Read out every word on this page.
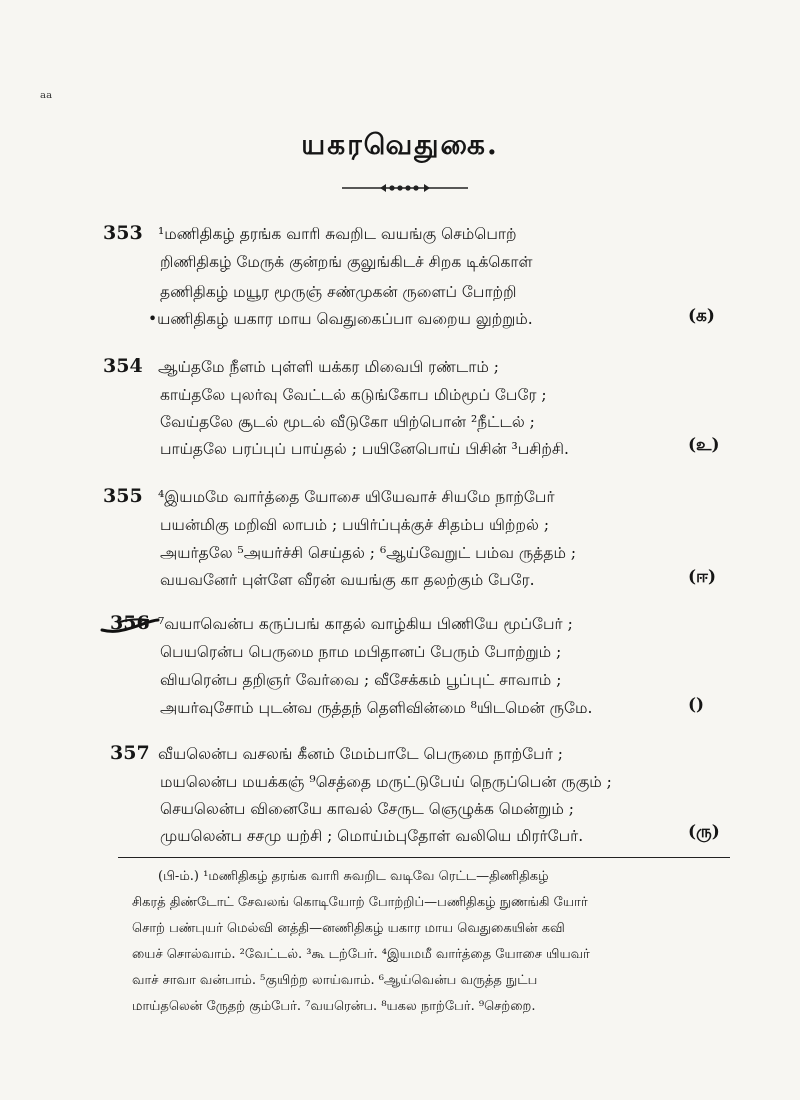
ᵃᵃ
யகரவெதுகை.
353 ¹மணிதிகழ் தரங்க வாரி சுவறிட வயங்கு செம்பொற்
றிணிதிகழ் மேருக் குன்றங் குலுங்கிடச் சிறக டிக்கொள்
தணிதிகழ் மயூர மூருஞ் சண்முகன் ருளைப் போற்றி
•யணிதிகழ் யகார மாய வெதுகைப்பா வறைய லுற்றும்.	(க)
354 ஆய்தமே நீளம் புள்ளி யக்கர மிவைபி ரண்டாம் ;
காய்தலே புலர்வு வேட்டல் கடுங்கோப மிம்மூப் பேரே ;
வேய்தலே சூடல் மூடல் வீடுகோ யிற்பொன் ²நீட்டல் ;
பாய்தலே பரப்புப் பாய்தல் ; பயினேபொய் பிசின் ³பசிற்சி.	(உ)
355 ⁴இயமமே வார்த்தை யோசை யியேவாச் சியமே நாற்பேர்
பயன்மிகு மறிவி லாபம் ; பயிர்ப்புக்குச் சிதம்ப யிற்றல் ;
அயர்தலே ⁵அயர்ச்சி செய்தல் ; ⁶ஆய்வேறுட் பம்வ ருத்தம் ;
வயவனேர் புள்ளே வீரன் வயங்கு கா தலற்கும் பேரே.	(ஈ)
356 ⁷வயாவென்ப கருப்பங் காதல் வாழ்கிய பிணியே மூப்பேர் ;
பெயரென்ப பெருமை நாம மபிதானப் பேரும் போற்றும் ;
வியரென்ப தறிஞர் வேர்வை ; வீசேக்கம் பூப்புட் சாவாம் ;
அயர்வுசோம் புடன்வ ருத்தந் தெளிவின்மை ⁸யிடமென் ருமே.	()
357 வீயலென்ப வசலங் கீனம் மேம்பாடே பெருமை நாற்பேர் ;
மயலென்ப மயக்கஞ் ⁹செத்தை மருட்டுபேய் நெருப்பென் ருகும் ;
செயலென்ப வினையே காவல் சேருட ஞெழுக்க மென்றும் ;
முயலென்ப சசமு யற்சி ; மொய்ம்புதோள் வலியெ மிரர்பேர்.	(ரு)
(பி-ம்.) ¹மணிதிகழ் தரங்க வாரி சுவறிட வடிவே ரெட்ட—திணிதிகழ்
சிகரத் திண்டோட் சேவலங் கொடியோற் போற்றிப்—பணிதிகழ் நுணங்கி யோர்
சொற் பண்புயர் மெல்வி னத்தி—னணிதிகழ் யகார மாய வெதுகையின் கவி
யைச் சொல்வாம். ²வேட்டல். ³கூ டற்பேர். ⁴இயமமீ வார்த்தை யோசை யியவர்
வாச் சாவா வன்பாம். ⁵குயிற்ற லாய்வாம். ⁶ஆய்வென்ப வருத்த நுட்ப
மாய்தலென் ருேதற் கும்பேர். ⁷வயரென்ப. ⁸யகல நாற்பேர். ⁹செற்றை.
